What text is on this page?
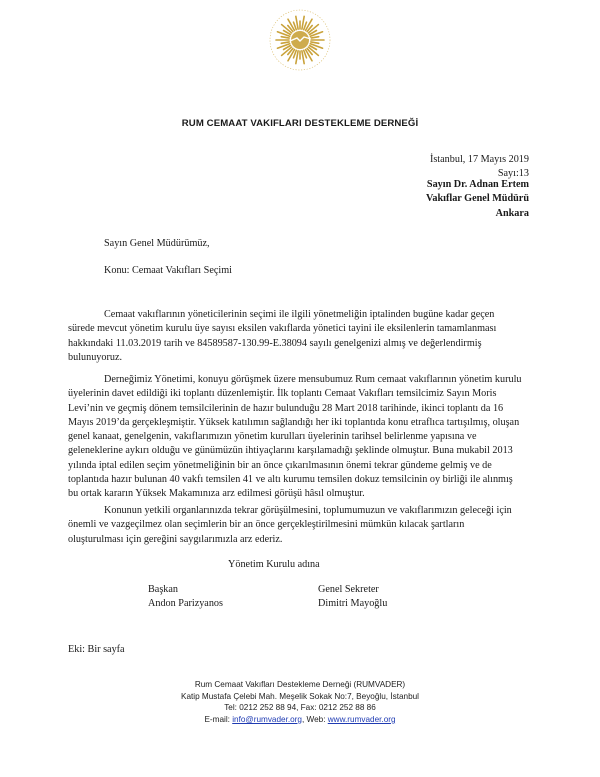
RUM CEMAAT VAKIFLARI DESTEKLEME DERNEĞİ
İstanbul, 17 Mayıs 2019
Sayı:13
Sayın Dr. Adnan Ertem
Vakıflar Genel Müdürü
Ankara
Sayın Genel Müdürümüz,
Konu: Cemaat Vakıfları Seçimi

Cemaat vakıflarının yöneticilerinin seçimi ile ilgili yönetmeliğin iptalinden bugüne kadar geçen
sürede mevcut yönetim kurulu üye sayısı eksilen vakıflarda yönetici tayini ile eksilenlerin tamamlanması
hakkındaki 11.03.2019 tarih ve 84589587-130.99-E.38094 sayılı genelgenizi almış ve değerlendirmiş
bulunuyoruz.

Derneğimiz Yönetimi, konuyu görüşmek üzere mensubumuz Rum cemaat vakıflarının yönetim kurulu
üyelerinin davet edildiği iki toplantı düzenlemiştir. İlk toplantı Cemaat Vakıfları temsilcimiz Sayın Moris
Levi’nin ve geçmiş dönem temsilcilerinin de hazır bulunduğu 28 Mart 2018 tarihinde, ikinci toplantı da 16
Mayıs 2019’da gerçekleşmiştir. Yüksek katılımın sağlandığı her iki toplantıda konu etraflıca tartışılmış, oluşan
genel kanaat, genelgenin, vakıflarımızın yönetim kurulları üyelerinin tarihsel belirlenme yapısına ve
geleneklerine aykırı olduğu ve günümüzün ihtiyaçlarını karşılamadığı şeklinde olmuştur. Buna mukabil 2013
yılında iptal edilen seçim yönetmeliğinin bir an önce çıkarılmasının önemi tekrar gündeme gelmiş ve de
toplantıda hazır bulunan 40 vakfı temsilen 41 ve altı kurumu temsilen dokuz temsilcinin oy birliği ile alınmış
bu ortak kararın Yüksek Makamınıza arz edilmesi görüşü hâsıl olmuştur.

Konunun yetkili organlarınızda tekrar görüşülmesini, toplumumuzun ve vakıflarımızın geleceği için
önemli ve vazgeçilmez olan seçimlerin bir an önce gerçekleştirilmesini mümkün kılacak şartların
oluşturulması için gereğini saygılarımızla arz ederiz.

Yönetim Kurulu adına
Başkan
Andon Parizyanos
Genel Sekreter
Dimitri Mayoğlu
Eki: Bir sayfa
Rum Cemaat Vakıfları Destekleme Derneği (RUMVADER)
Katip Mustafa Çelebi Mah. Meşelik Sokak No:7, Beyoğlu, İstanbul
Tel: 0212 252 88 94, Fax: 0212 252 88 86
E-mail: info@rumvader.org, Web: www.rumvader.org
